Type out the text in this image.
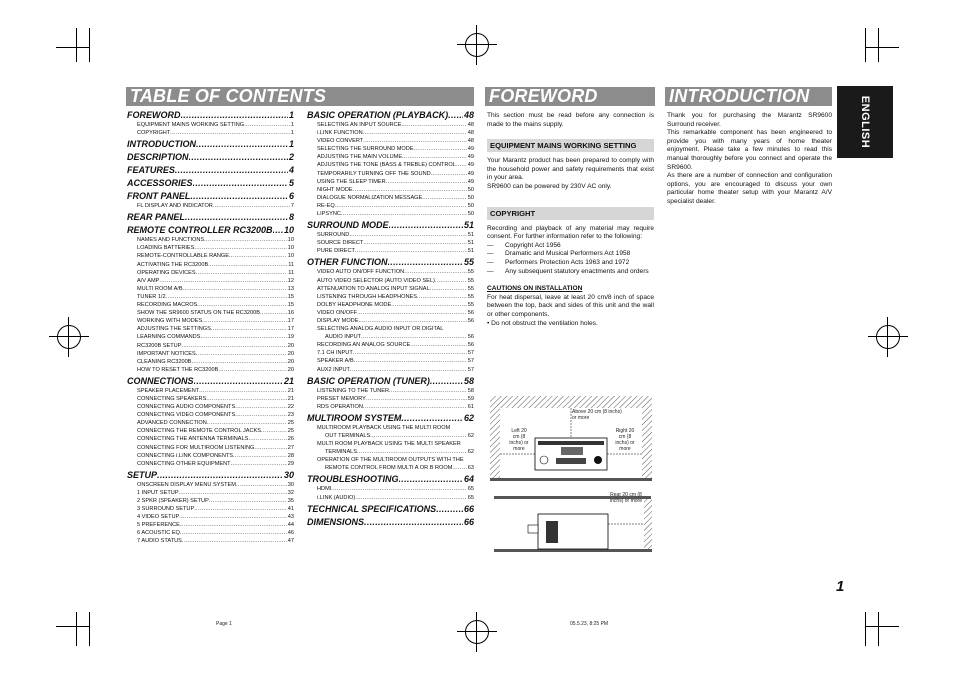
TABLE OF CONTENTS	FOREWORD	INTRODUCTION	ENGLISH
FOREWORD .....	1
EQUIPMENT MAINS WORKING SETTING .....	1
COPYRIGHT .....	1
INTRODUCTION .....	1
DESCRIPTION .....	2
FEATURES .....	4
ACCESSORIES .....	5
FRONT PANEL .....	6
FL DISPLAY AND INDICATOR .....	7
REAR PANEL .....	8
REMOTE CONTROLLER RC3200B ..... 10
NAMES AND FUNCTIONS .....	10
LOADING BATTERIES .....	10
REMOTE-CONTROLLABLE RANGE .....	10
ACTIVATING THE RC3200B .....	11
OPERATING DEVICES .....	11
A/V AMP .....	12
MULTI ROOM A/B .....	13
TUNER 1/2 .....	15
RECORDING MACROS .....	15
SHOW THE SR9600 STATUS ON THE RC3200B .....	16
WORKING WITH MODES .....	17
ADJUSTING THE SETTINGS .....	17
LEARNING COMMANDS .....	19
RC3200B SETUP .....	20
IMPORTANT NOTICES .....	20
CLEANING RC3200B .....	20
HOW TO RESET THE RC3200B .....	20
CONNECTIONS .....	21
SPEAKER PLACEMENT .....	21
CONNECTING SPEAKERS .....	21
CONNECTING AUDIO COMPONENTS .....	22
CONNECTING VIDEO COMPONENTS .....	23
ADVANCED CONNECTION .....	25
CONNECTING THE REMOTE CONTROL JACKS .....	25
CONNECTING THE ANTENNA TERMINALS .....	26
CONNECTING FOR MULTIROOM LISTENING .....	27
CONNECTING i.LINK COMPONENTS .....	28
CONNECTING OTHER EQUIPMENT .....	29
SETUP .....	30
ONSCREEN DISPLAY MENU SYSTEM .....	30
1 INPUT SETUP .....	32
2 SPKR (SPEAKER) SETUP .....	35
3 SURROUND SETUP .....	41
4 VIDEO SETUP .....	43
5 PREFERENCE .....	44
6 ACOUSTIC EQ .....	46
7 AUDIO STATUS .....	47
BASIC OPERATION (PLAYBACK) ..... 48
SELECTING AN INPUT SOURCE .....	48
i.LINK FUNCTION .....	48
VIDEO CONVERT .....	48
SELECTING THE SURROUND MODE .....	49
ADJUSTING THE MAIN VOLUME .....	49
ADJUSTING THE TONE (BASS & TREBLE) CONTROL ..... 49
TEMPORARILY TURNING OFF THE SOUND .....	49
USING THE SLEEP TIMER .....	49
NIGHT MODE .....	50
DIALOGUE NORMALIZATION MESSAGE .....	50
RE-EQ .....	50
LIPSYNC .....	50
SURROUND MODE .....	51
SURROUND .....	51
SOURCE DIRECT .....	51
PURE DIRECT .....	51
OTHER FUNCTION .....	55
VIDEO AUTO ON/OFF FUNCTION .....	55
AUTO VIDEO SELECTOR (AUTO VIDEO SEL) .....	55
ATTENUATION TO ANALOG INPUT SIGNAL .....	55
LISTENING THROUGH HEADPHONES .....	55
DOLBY HEADPHONE MODE .....	55
VIDEO ON/OFF .....	56
DISPLAY MODE .....	56
SELECTING ANALOG AUDIO INPUT OR DIGITAL
AUDIO INPUT .....	56
RECORDING AN ANALOG SOURCE .....	56
7.1 CH INPUT .....	57
SPEAKER A/B .....	57
AUX2 INPUT .....	57
BASIC OPERATION (TUNER) .....	58
LISTENING TO THE TUNER .....	58
PRESET MEMORY .....	59
RDS OPERATION .....	61
MULTIROOM SYSTEM .....	62
MULTIROOM PLAYBACK USING THE MULTI ROOM
OUT TERMINALS .....	62
MULTI ROOM PLAYBACK USING THE MULTI SPEAKER
TERMINALS .....	62
OPERATION OF THE MULTIROOM OUTPUTS WITH THE
REMOTE CONTROL FROM MULTI A OR B ROOM .....	63
TROUBLESHOOTING .....	64
HDMI .....	65
i.LINK (AUDIO) .....	65
TECHNICAL SPECIFICATIONS .....	66
DIMENSIONS .....	66
This section must be read before any connection is made to the mains supply.
EQUIPMENT MAINS WORKING SETTING
Your Marantz product has been prepared to comply with the household power and safety requirements that exist in your area.
SR9600 can be powered by 230V AC only.
COPYRIGHT
Recording and playback of any material may require consent. For further information refer to the following:
—	Copyright Act 1956
—	Dramatic and Musical Performers Act 1958
—	Performers Protection Acts 1963 and 1972
—	Any subsequent statutory enactments and orders
CAUTIONS ON INSTALLATION
For heat dispersal, leave at least 20 cm/8 inch of space between the top, back and sides of this unit and the wall or other components.
• Do not obstruct the ventilation holes.
Above 20 cm (8 inchs) or more
Left 20 cm (8 inchs) or more
Right 20 cm (8 inchs) or more
Rear 20 cm (8 inchs) or more
Thank you for purchasing the Marantz SR9600 Surround receiver.
This remarkable component has been engineered to provide you with many years of home theater enjoyment. Please take a few minutes to read this manual thoroughly before you connect and operate the SR9600.
As there are a number of connection and configuration options, you are encouraged to discuss your own particular home theater setup with your Marantz A/V specialist dealer.
1
Page 1	05.5.23, 8:25 PM
